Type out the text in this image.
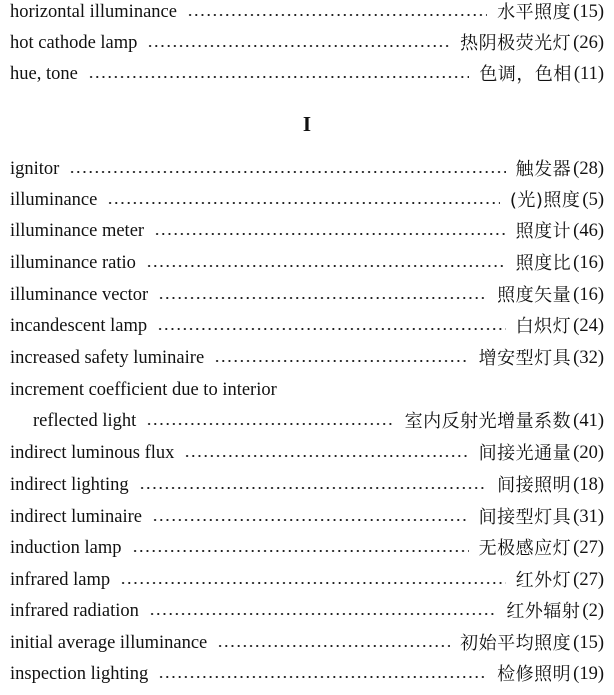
horizontal illuminance	水平照度 (15)
hot cathode lamp	热阴极荧光灯 (26)
hue, tone	色调，色相 (11)
I
ignitor	触发器 (28)
illuminance	(光)照度 (5)
illuminance meter	照度计 (46)
illuminance ratio	照度比 (16)
illuminance vector	照度矢量 (16)
incandescent lamp	白炽灯 (24)
increased safety luminaire	增安型灯具 (32)
increment coefficient due to interior
reflected light	室内反射光增量系数 (41)
indirect luminous flux	间接光通量 (20)
indirect lighting	间接照明 (18)
indirect luminaire	间接型灯具 (31)
induction lamp	无极感应灯 (27)
infrared lamp	红外灯 (27)
infrared radiation	红外辐射 (2)
initial average illuminance	初始平均照度 (15)
inspection lighting	检修照明 (19)
